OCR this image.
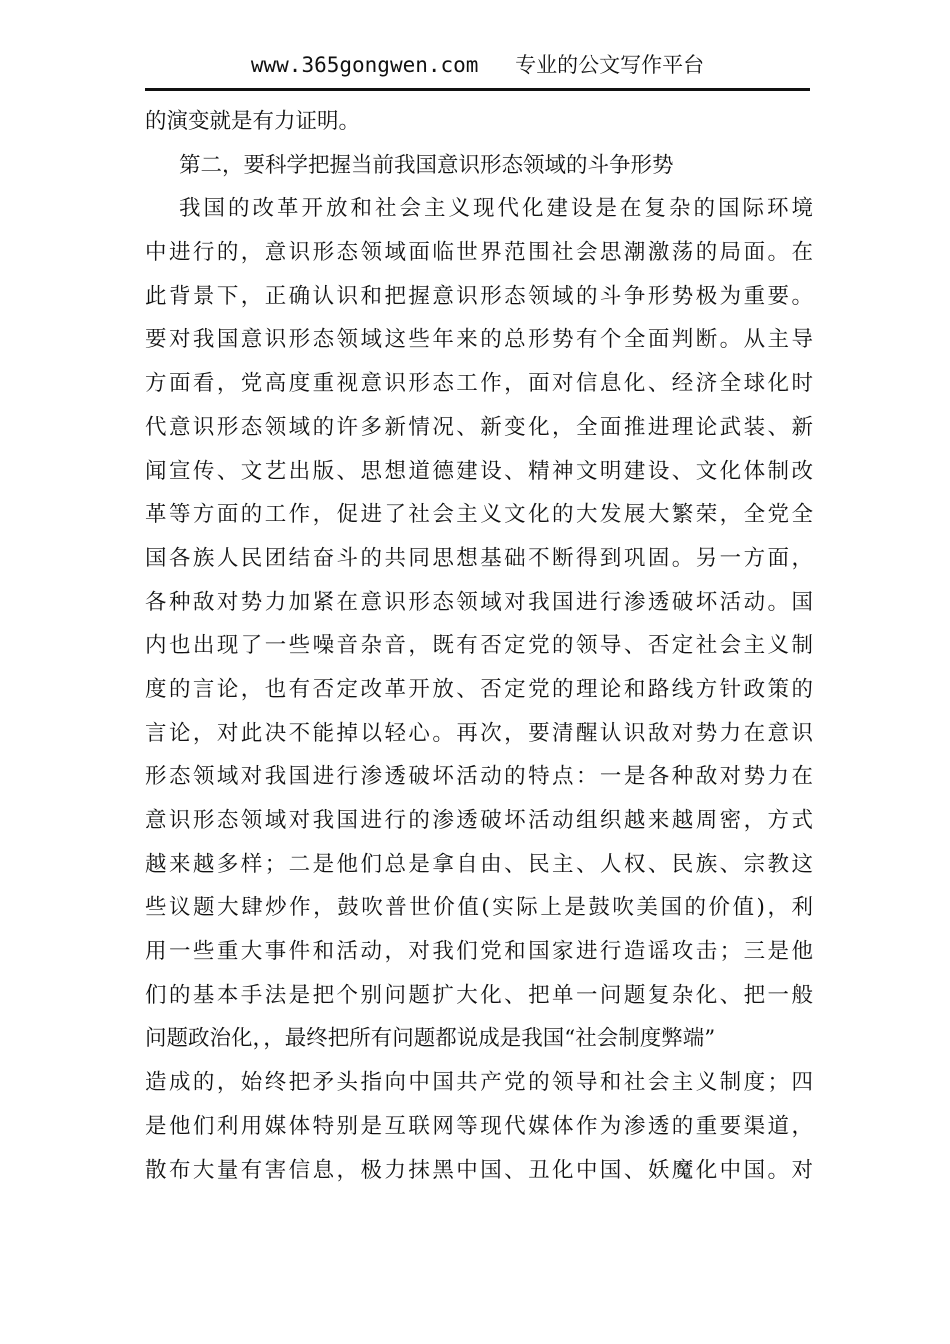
www.365gongwen.com 专业的公文写作平台
的演变就是有力证明。
第二，要科学把握当前我国意识形态领域的斗争形势
我国的改革开放和社会主义现代化建设是在复杂的国际环境
中进行的，意识形态领域面临世界范围社会思潮激荡的局面。在
此背景下，正确认识和把握意识形态领域的斗争形势极为重要。
要对我国意识形态领域这些年来的总形势有个全面判断。从主导
方面看，党高度重视意识形态工作，面对信息化、经济全球化时
代意识形态领域的许多新情况、新变化，全面推进理论武装、新
闻宣传、文艺出版、思想道德建设、精神文明建设、文化体制改
革等方面的工作，促进了社会主义文化的大发展大繁荣，全党全
国各族人民团结奋斗的共同思想基础不断得到巩固。另一方面，
各种敌对势力加紧在意识形态领域对我国进行渗透破坏活动。国
内也出现了一些噪音杂音，既有否定党的领导、否定社会主义制
度的言论，也有否定改革开放、否定党的理论和路线方针政策的
言论，对此决不能掉以轻心。再次，要清醒认识敌对势力在意识
形态领域对我国进行渗透破坏活动的特点：一是各种敌对势力在
意识形态领域对我国进行的渗透破坏活动组织越来越周密，方式
越来越多样；二是他们总是拿自由、民主、人权、民族、宗教这
些议题大肆炒作，鼓吹普世价值(实际上是鼓吹美国的价值)，利
用一些重大事件和活动，对我们党和国家进行造谣攻击；三是他
们的基本手法是把个别问题扩大化、把单一问题复杂化、把一般
问题政治化，，最终把所有问题都说成是我国“社会制度弊端”
造成的，始终把矛头指向中国共产党的领导和社会主义制度；四
是他们利用媒体特别是互联网等现代媒体作为渗透的重要渠道，
散布大量有害信息，极力抹黑中国、丑化中国、妖魔化中国。对
